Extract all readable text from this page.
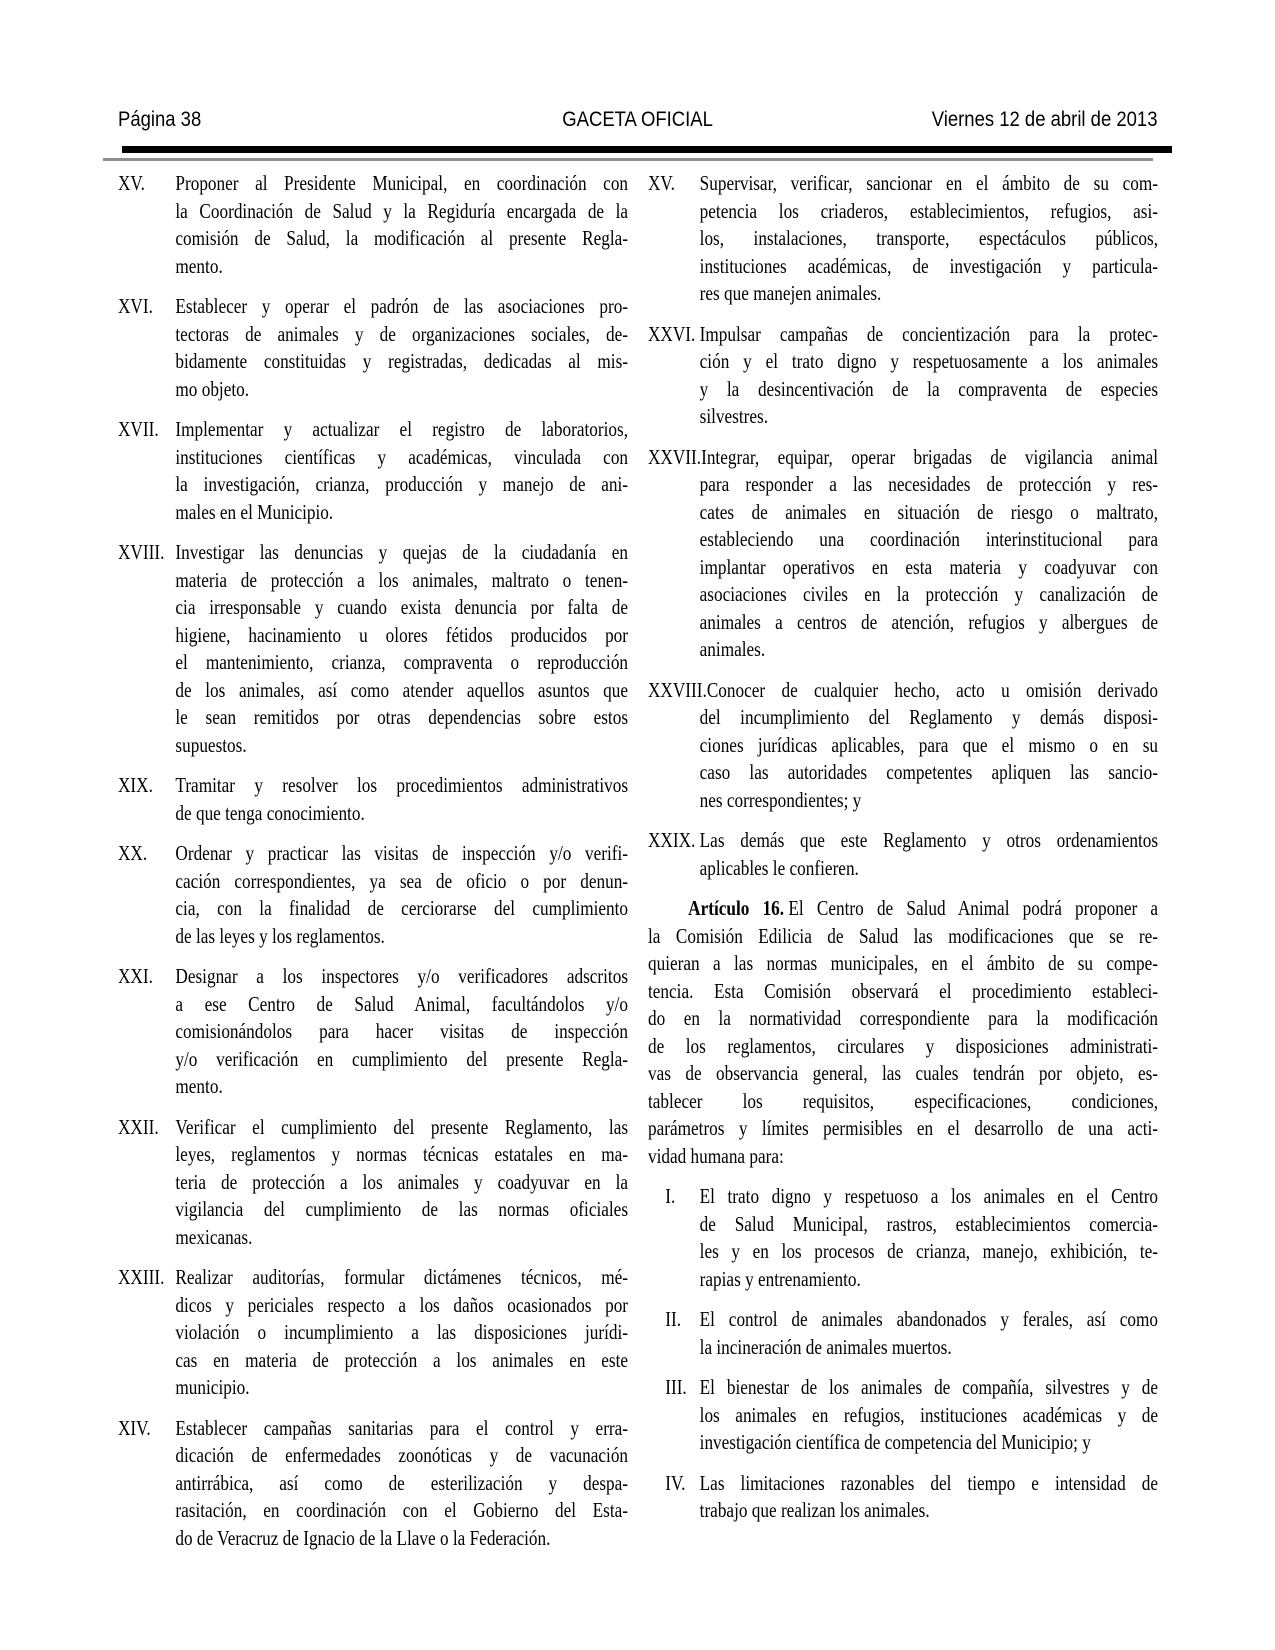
Página 38	GACETA OFICIAL	Viernes 12 de abril de 2013
XV. Proponer al Presidente Municipal, en coordinación con
la Coordinación de Salud y la Regiduría encargada de la
comisión de Salud, la modificación al presente Regla-
mento.
XVI. Establecer y operar el padrón de las asociaciones pro-
tectoras de animales y de organizaciones sociales, de-
bidamente constituidas y registradas, dedicadas al mis-
mo objeto.
XVII. Implementar y actualizar el registro de laboratorios,
instituciones científicas y académicas, vinculada con
la investigación, crianza, producción y manejo de ani-
males en el Municipio.
XVIII. Investigar las denuncias y quejas de la ciudadanía en
materia de protección a los animales, maltrato o tenen-
cia irresponsable y cuando exista denuncia por falta de
higiene, hacinamiento u olores fétidos producidos por
el mantenimiento, crianza, compraventa o reproducción
de los animales, así como atender aquellos asuntos que
le sean remitidos por otras dependencias sobre estos
supuestos.
XIX. Tramitar y resolver los procedimientos administrativos
de que tenga conocimiento.
XX. Ordenar y practicar las visitas de inspección y/o verifi-
cación correspondientes, ya sea de oficio o por denun-
cia, con la finalidad de cerciorarse del cumplimiento
de las leyes y los reglamentos.
XXI. Designar a los inspectores y/o verificadores adscritos
a ese Centro de Salud Animal, facultándolos y/o
comisionándolos para hacer visitas de inspección
y/o verificación en cumplimiento del presente Regla-
mento.
XXII. Verificar el cumplimiento del presente Reglamento, las
leyes, reglamentos y normas técnicas estatales en ma-
teria de protección a los animales y coadyuvar en la
vigilancia del cumplimiento de las normas oficiales
mexicanas.
XXIII. Realizar auditorías, formular dictámenes técnicos, mé-
dicos y periciales respecto a los daños ocasionados por
violación o incumplimiento a las disposiciones jurídi-
cas en materia de protección a los animales en este
municipio.
XIV. Establecer campañas sanitarias para el control y erra-
dicación de enfermedades zoonóticas y de vacunación
antirrábica, así como de esterilización y despa-
rasitación, en coordinación con el Gobierno del Esta-
do de Veracruz de Ignacio de la Llave o la Federación.
XV. Supervisar, verificar, sancionar en el ámbito de su com-
petencia los criaderos, establecimientos, refugios, asi-
los, instalaciones, transporte, espectáculos públicos,
instituciones académicas, de investigación y particula-
res que manejen animales.
XXVI. Impulsar campañas de concientización para la protec-
ción y el trato digno y respetuosamente a los animales
y la desincentivación de la compraventa de especies
silvestres.
XXVII.Integrar, equipar, operar brigadas de vigilancia animal
para responder a las necesidades de protección y res-
cates de animales en situación de riesgo o maltrato,
estableciendo una coordinación interinstitucional para
implantar operativos en esta materia y coadyuvar con
asociaciones civiles en la protección y canalización de
animales a centros de atención, refugios y albergues de
animales.
XXVIII.Conocer de cualquier hecho, acto u omisión derivado
del incumplimiento del Reglamento y demás disposi-
ciones jurídicas aplicables, para que el mismo o en su
caso las autoridades competentes apliquen las sancio-
nes correspondientes; y
XXIX. Las demás que este Reglamento y otros ordenamientos
aplicables le confieren.
Artículo 16. El Centro de Salud Animal podrá proponer a
la Comisión Edilicia de Salud las modificaciones que se re-
quieran a las normas municipales, en el ámbito de su compe-
tencia. Esta Comisión observará el procedimiento estableci-
do en la normatividad correspondiente para la modificación
de los reglamentos, circulares y disposiciones administrati-
vas de observancia general, las cuales tendrán por objeto, es-
tablecer los requisitos, especificaciones, condiciones,
parámetros y límites permisibles en el desarrollo de una acti-
vidad humana para:
I. El trato digno y respetuoso a los animales en el Centro
de Salud Municipal, rastros, establecimientos comercia-
les y en los procesos de crianza, manejo, exhibición, te-
rapias y entrenamiento.
II. El control de animales abandonados y ferales, así como
la incineración de animales muertos.
III. El bienestar de los animales de compañía, silvestres y de
los animales en refugios, instituciones académicas y de
investigación científica de competencia del Municipio; y
IV. Las limitaciones razonables del tiempo e intensidad de
trabajo que realizan los animales.
